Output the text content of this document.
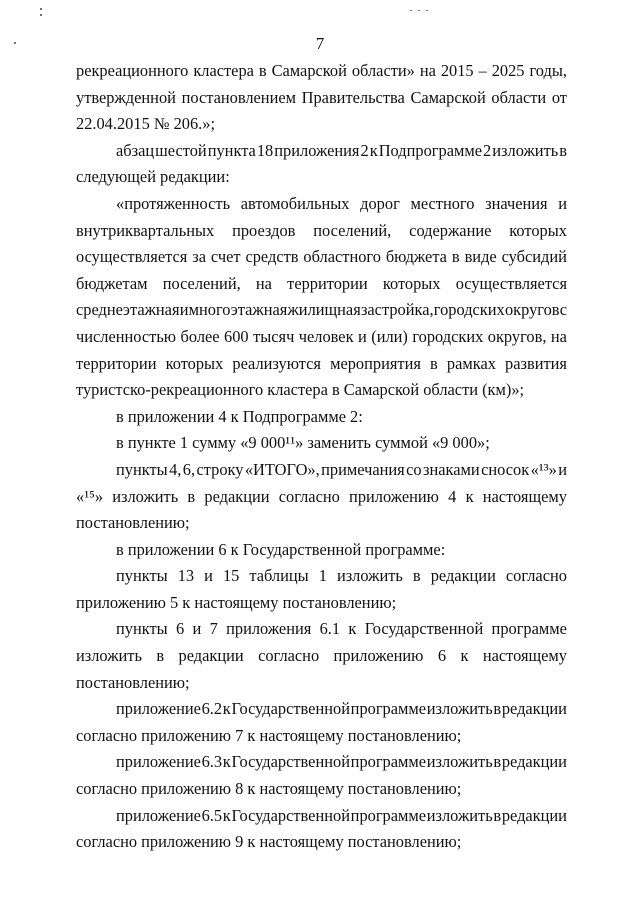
7
рекреационного кластера в Самарской области» на 2015 – 2025 годы,
утвержденной постановлением Правительства Самарской области от
22.04.2015 № 206.»;
абзац шестой пункта 18 приложения 2 к Подпрограмме 2 изложить в
следующей редакции:
«протяженность автомобильных дорог местного значения и
внутриквартальных проездов поселений, содержание которых
осуществляется за счет средств областного бюджета в виде субсидий
бюджетам поселений, на территории которых осуществляется
среднеэтажная и многоэтажная жилищная застройка, городских округов с
численностью более 600 тысяч человек и (или) городских округов, на
территории которых реализуются мероприятия в рамках развития
туристско-рекреационного кластера в Самарской области (км)»;
в приложении 4 к Подпрограмме 2:
в пункте 1 сумму «9 000¹¹» заменить суммой «9 000»;
пункты 4, 6, строку «ИТОГО», примечания со знаками сносок «¹³» и
«¹⁵» изложить в редакции согласно приложению 4 к настоящему
постановлению;
в приложении 6 к Государственной программе:
пункты 13 и 15 таблицы 1 изложить в редакции согласно
приложению 5 к настоящему постановлению;
пункты 6 и 7 приложения 6.1 к Государственной программе
изложить в редакции согласно приложению 6 к настоящему
постановлению;
приложение 6.2 к Государственной программе изложить в редакции
согласно приложению 7 к настоящему постановлению;
приложение 6.3 к Государственной программе изложить в редакции
согласно приложению 8 к настоящему постановлению;
приложение 6.5 к Государственной программе изложить в редакции
согласно приложению 9 к настоящему постановлению;
